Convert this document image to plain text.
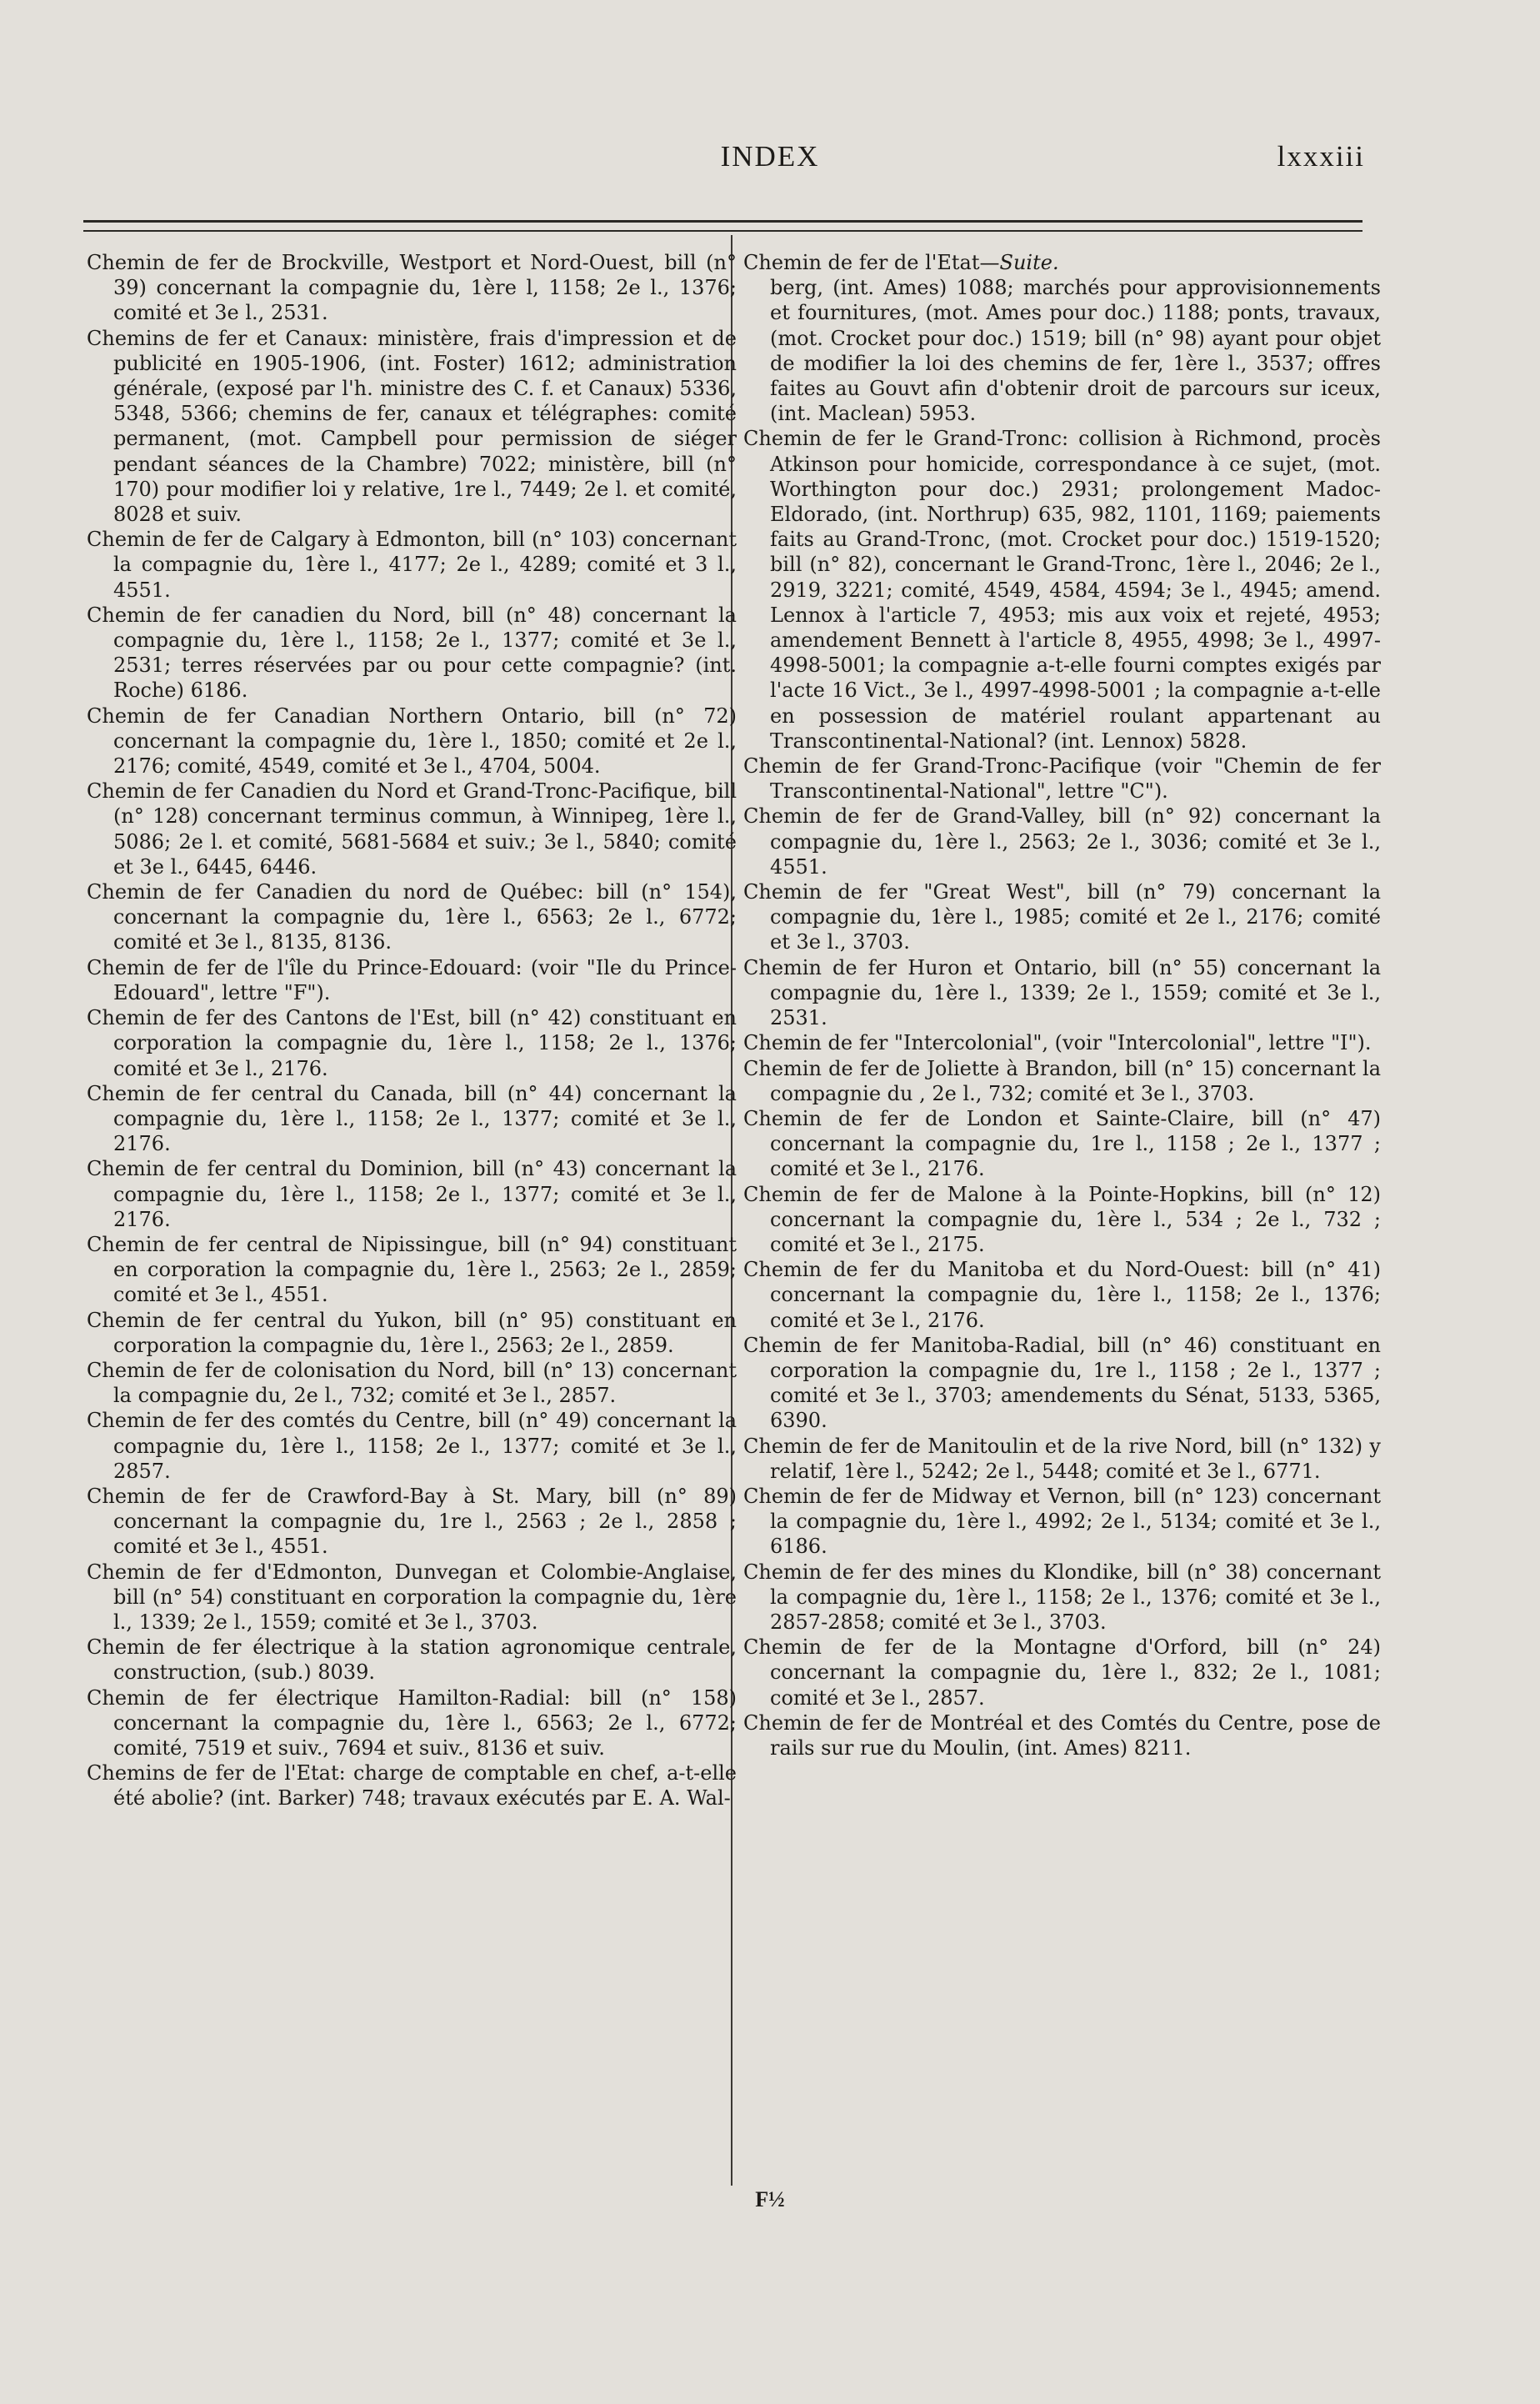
INDEX	lxxxiii

Chemin de fer de Brockville, Westport et Nord-Ouest, bill (n° 39) concernant la compagnie du, 1ère l, 1158; 2e l., 1376; comité et 3e l., 2531.

Chemins de fer et Canaux: ministère, frais d'impression et de publicité en 1905-1906, (int. Foster) 1612; administration générale, (exposé par l'h. ministre des C. f. et Canaux) 5336, 5348, 5366; chemins de fer, canaux et télégraphes: comité permanent, (mot. Campbell pour permission de siéger pendant séances de la Chambre) 7022; ministère, bill (n° 170) pour modifier loi y relative, 1re l., 7449; 2e l. et comité, 8028 et suiv.

Chemin de fer de Calgary à Edmonton, bill (n° 103) concernant la compagnie du, 1ère l., 4177; 2e l., 4289; comité et 3 l., 4551.

Chemin de fer canadien du Nord, bill (n° 48) concernant la compagnie du, 1ère l., 1158; 2e l., 1377; comité et 3e l., 2531; terres réservées par ou pour cette compagnie? (int. Roche) 6186.

Chemin de fer Canadian Northern Ontario, bill (n° 72) concernant la compagnie du, 1ère l., 1850; comité et 2e l., 2176; comité, 4549, comité et 3e l., 4704, 5004.

Chemin de fer Canadien du Nord et Grand-Tronc-Pacifique, bill (n° 128) concernant terminus commun, à Winnipeg, 1ère l., 5086; 2e l. et comité, 5681-5684 et suiv.; 3e l., 5840; comité et 3e l., 6445, 6446.

Chemin de fer Canadien du nord de Québec: bill (n° 154), concernant la compagnie du, 1ère l., 6563; 2e l., 6772; comité et 3e l., 8135, 8136.

Chemin de fer de l'île du Prince-Edouard: (voir "Ile du Prince-Edouard", lettre "F").

Chemin de fer des Cantons de l'Est, bill (n° 42) constituant en corporation la compagnie du, 1ère l., 1158; 2e l., 1376; comité et 3e l., 2176.

Chemin de fer central du Canada, bill (n° 44) concernant la compagnie du, 1ère l., 1158; 2e l., 1377; comité et 3e l., 2176.

Chemin de fer central du Dominion, bill (n° 43) concernant la compagnie du, 1ère l., 1158; 2e l., 1377; comité et 3e l., 2176.

Chemin de fer central de Nipissingue, bill (n° 94) constituant en corporation la compagnie du, 1ère l., 2563; 2e l., 2859; comité et 3e l., 4551.

Chemin de fer central du Yukon, bill (n° 95) constituant en corporation la compagnie du, 1ère l., 2563; 2e l., 2859.

Chemin de fer de colonisation du Nord, bill (n° 13) concernant la compagnie du, 2e l., 732; comité et 3e l., 2857.

Chemin de fer des comtés du Centre, bill (n° 49) concernant la compagnie du, 1ère l., 1158; 2e l., 1377; comité et 3e l., 2857.

Chemin de fer de Crawford-Bay à St. Mary, bill (n° 89) concernant la compagnie du, 1re l., 2563 ; 2e l., 2858 ; comité et 3e l., 4551.

Chemin de fer d'Edmonton, Dunvegan et Colombie-Anglaise, bill (n° 54) constituant en corporation la compagnie du, 1ère l., 1339; 2e l., 1559; comité et 3e l., 3703.

Chemin de fer électrique à la station agronomique centrale, construction, (sub.) 8039.

Chemin de fer électrique Hamilton-Radial: bill (n° 158) concernant la compagnie du, 1ère l., 6563; 2e l., 6772; comité, 7519 et suiv., 7694 et suiv., 8136 et suiv.

Chemins de fer de l'Etat: charge de comptable en chef, a-t-elle été abolie? (int. Barker) 748; travaux exécutés par E. A. Wal-

Chemin de fer de l'Etat—Suite.

berg, (int. Ames) 1088; marchés pour approvisionnements et fournitures, (mot. Ames pour doc.) 1188; ponts, travaux, (mot. Crocket pour doc.) 1519; bill (n° 98) ayant pour objet de modifier la loi des chemins de fer, 1ère l., 3537; offres faites au Gouvt afin d'obtenir droit de parcours sur iceux, (int. Maclean) 5953.

Chemin de fer le Grand-Tronc: collision à Richmond, procès Atkinson pour homicide, correspondance à ce sujet, (mot. Worthington pour doc.) 2931; prolongement Madoc-Eldorado, (int. Northrup) 635, 982, 1101, 1169; paiements faits au Grand-Tronc, (mot. Crocket pour doc.) 1519-1520; bill (n° 82), concernant le Grand-Tronc, 1ère l., 2046; 2e l., 2919, 3221; comité, 4549, 4584, 4594; 3e l., 4945; amend. Lennox à l'article 7, 4953; mis aux voix et rejeté, 4953; amendement Bennett à l'article 8, 4955, 4998; 3e l., 4997-4998-5001; la compagnie a-t-elle fourni comptes exigés par l'acte 16 Vict., 3e l., 4997-4998-5001 ; la compagnie a-t-elle en possession de matériel roulant appartenant au Transcontinental-National? (int. Lennox) 5828.

Chemin de fer Grand-Tronc-Pacifique (voir "Chemin de fer Transcontinental-National", lettre "C").

Chemin de fer de Grand-Valley, bill (n° 92) concernant la compagnie du, 1ère l., 2563; 2e l., 3036; comité et 3e l., 4551.

Chemin de fer "Great West", bill (n° 79) concernant la compagnie du, 1ère l., 1985; comité et 2e l., 2176; comité et 3e l., 3703.

Chemin de fer Huron et Ontario, bill (n° 55) concernant la compagnie du, 1ère l., 1339; 2e l., 1559; comité et 3e l., 2531.

Chemin de fer "Intercolonial", (voir "Intercolonial", lettre "I").

Chemin de fer de Joliette à Brandon, bill (n° 15) concernant la compagnie du , 2e l., 732; comité et 3e l., 3703.

Chemin de fer de London et Sainte-Claire, bill (n° 47) concernant la compagnie du, 1re l., 1158 ; 2e l., 1377 ; comité et 3e l., 2176.

Chemin de fer de Malone à la Pointe-Hopkins, bill (n° 12) concernant la compagnie du, 1ère l., 534 ; 2e l., 732 ; comité et 3e l., 2175.

Chemin de fer du Manitoba et du Nord-Ouest: bill (n° 41) concernant la compagnie du, 1ère l., 1158; 2e l., 1376; comité et 3e l., 2176.

Chemin de fer Manitoba-Radial, bill (n° 46) constituant en corporation la compagnie du, 1re l., 1158 ; 2e l., 1377 ; comité et 3e l., 3703; amendements du Sénat, 5133, 5365, 6390.

Chemin de fer de Manitoulin et de la rive Nord, bill (n° 132) y relatif, 1ère l., 5242; 2e l., 5448; comité et 3e l., 6771.

Chemin de fer de Midway et Vernon, bill (n° 123) concernant la compagnie du, 1ère l., 4992; 2e l., 5134; comité et 3e l., 6186.

Chemin de fer des mines du Klondike, bill (n° 38) concernant la compagnie du, 1ère l., 1158; 2e l., 1376; comité et 3e l., 2857-2858; comité et 3e l., 3703.

Chemin de fer de la Montagne d'Orford, bill (n° 24) concernant la compagnie du, 1ère l., 832; 2e l., 1081; comité et 3e l., 2857.

Chemin de fer de Montréal et des Comtés du Centre, pose de rails sur rue du Moulin, (int. Ames) 8211.

F½
